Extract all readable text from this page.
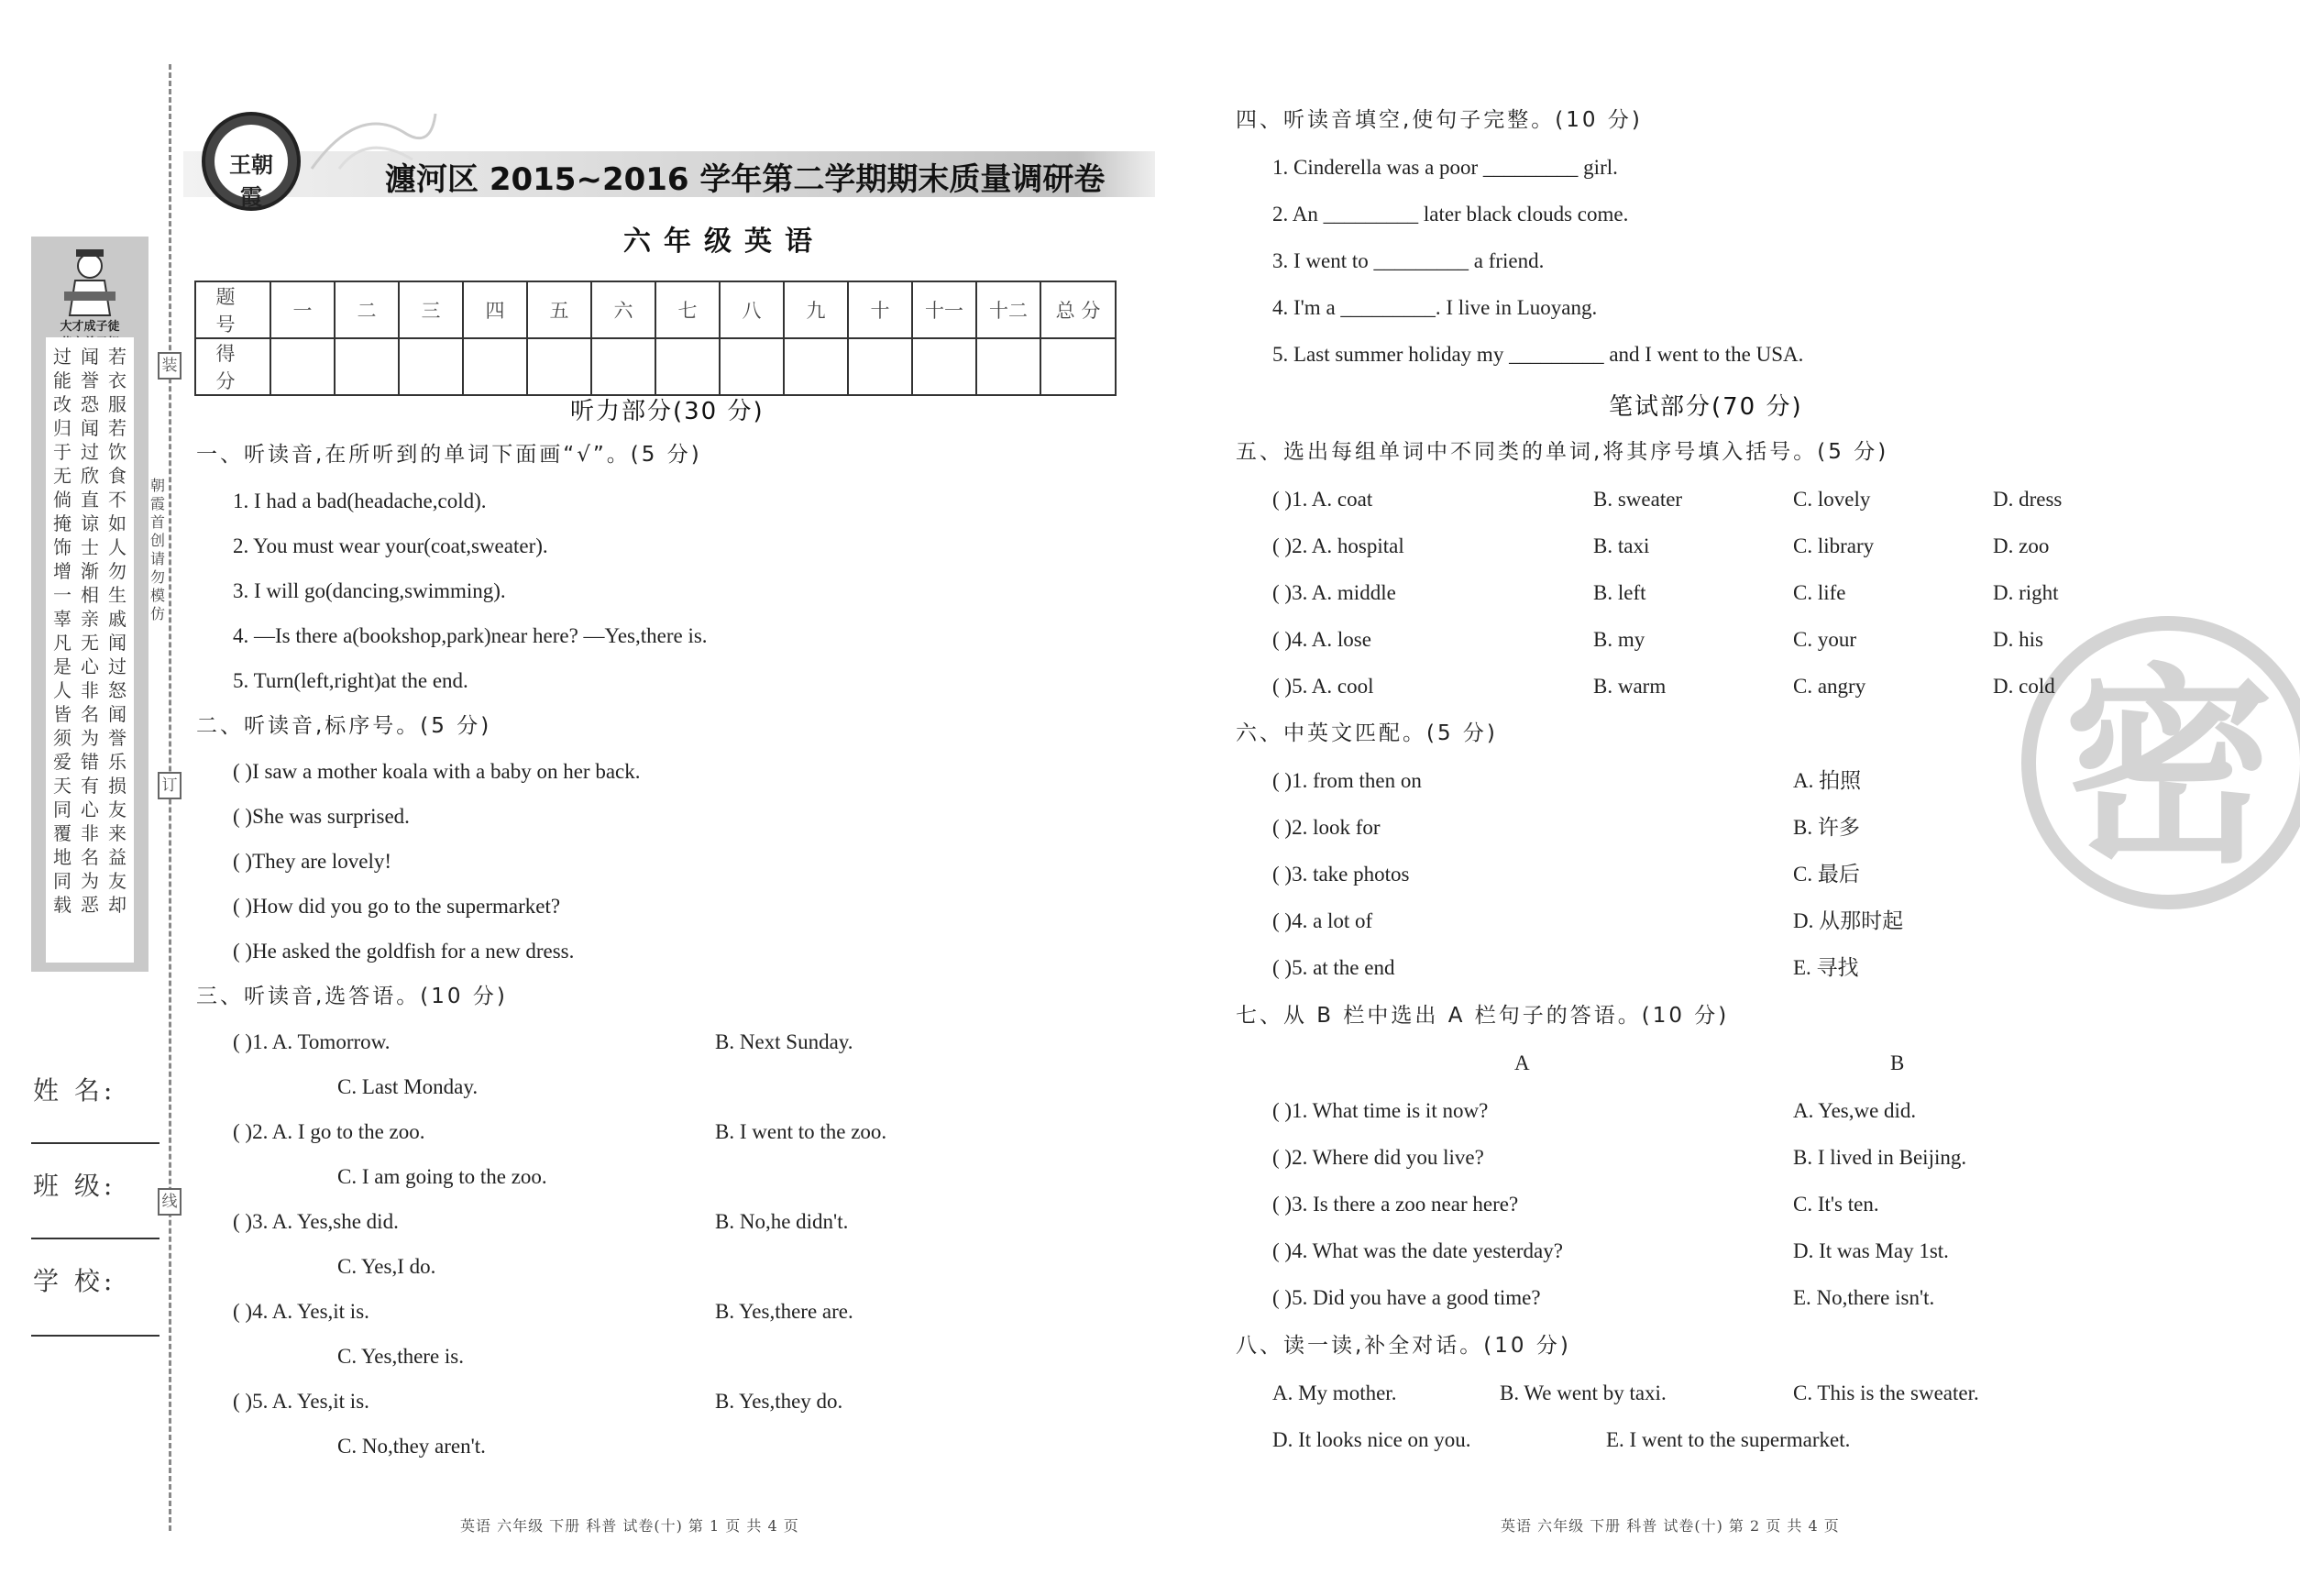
大才成子徒
过能改归于无倘掩饰增一辜凡是人皆须爱天同覆地同载
闻誉恐闻过欣直谅士渐相亲无心非名为错有心非名为恶
若衣服若饮食不如人勿生戚闻过怒闻誉乐损友来益友却
装
订
线
朝霞首创请勿模仿
姓 名:
班 级:
学 校:
王朝霞	瀍河区 2015~2016 学年第二学期期末质量调研卷
六年级英语
题 号	一	二	三	四	五	六	七	八	九	十	十一	十二	总 分
得 分													
听力部分(30 分)
一、听读音,在所听到的单词下面画“√”。(5 分)
1. I had a bad(headache,cold).
2. You must wear your(coat,sweater).
3. I will go(dancing,swimming).
4. —Is there a(bookshop,park)near here? —Yes,there is.
5. Turn(left,right)at the end.
二、听读音,标序号。(5 分)
( )I saw a mother koala with a baby on her back.
( )She was surprised.
( )They are lovely!
( )How did you go to the supermarket?
( )He asked the goldfish for a new dress.
三、听读音,选答语。(10 分)
( )1. A. Tomorrow.	B. Next Sunday.
C. Last Monday.
( )2. A. I go to the zoo.	B. I went to the zoo.
C. I am going to the zoo.
( )3. A. Yes,she did.	B. No,he didn't.
C. Yes,I do.
( )4. A. Yes,it is.	B. Yes,there are.
C. Yes,there is.
( )5. A. Yes,it is.	B. Yes,they do.
C. No,they aren't.
英语 六年级 下册 科普 试卷(十) 第 1 页 共 4 页
密
四、听读音填空,使句子完整。(10 分)
1. Cinderella was a poor _________ girl.
2. An _________ later black clouds come.
3. I went to _________ a friend.
4. I'm a _________. I live in Luoyang.
5. Last summer holiday my _________ and I went to the USA.
笔试部分(70 分)
五、选出每组单词中不同类的单词,将其序号填入括号。(5 分)
( )1. A. coat	B. sweater	C. lovely	D. dress
( )2. A. hospital	B. taxi	C. library	D. zoo
( )3. A. middle	B. left	C. life	D. right
( )4. A. lose	B. my	C. your	D. his
( )5. A. cool	B. warm	C. angry	D. cold
六、中英文匹配。(5 分)
( )1. from then on	A. 拍照
( )2. look for	B. 许多
( )3. take photos	C. 最后
( )4. a lot of	D. 从那时起
( )5. at the end	E. 寻找
七、从 B 栏中选出 A 栏句子的答语。(10 分)
A	B
( )1. What time is it now?	A. Yes,we did.
( )2. Where did you live?	B. I lived in Beijing.
( )3. Is there a zoo near here?	C. It's ten.
( )4. What was the date yesterday?	D. It was May 1st.
( )5. Did you have a good time?	E. No,there isn't.
八、读一读,补全对话。(10 分)
A. My mother.	B. We went by taxi.	C. This is the sweater.
D. It looks nice on you.	E. I went to the supermarket.
英语 六年级 下册 科普 试卷(十) 第 2 页 共 4 页
